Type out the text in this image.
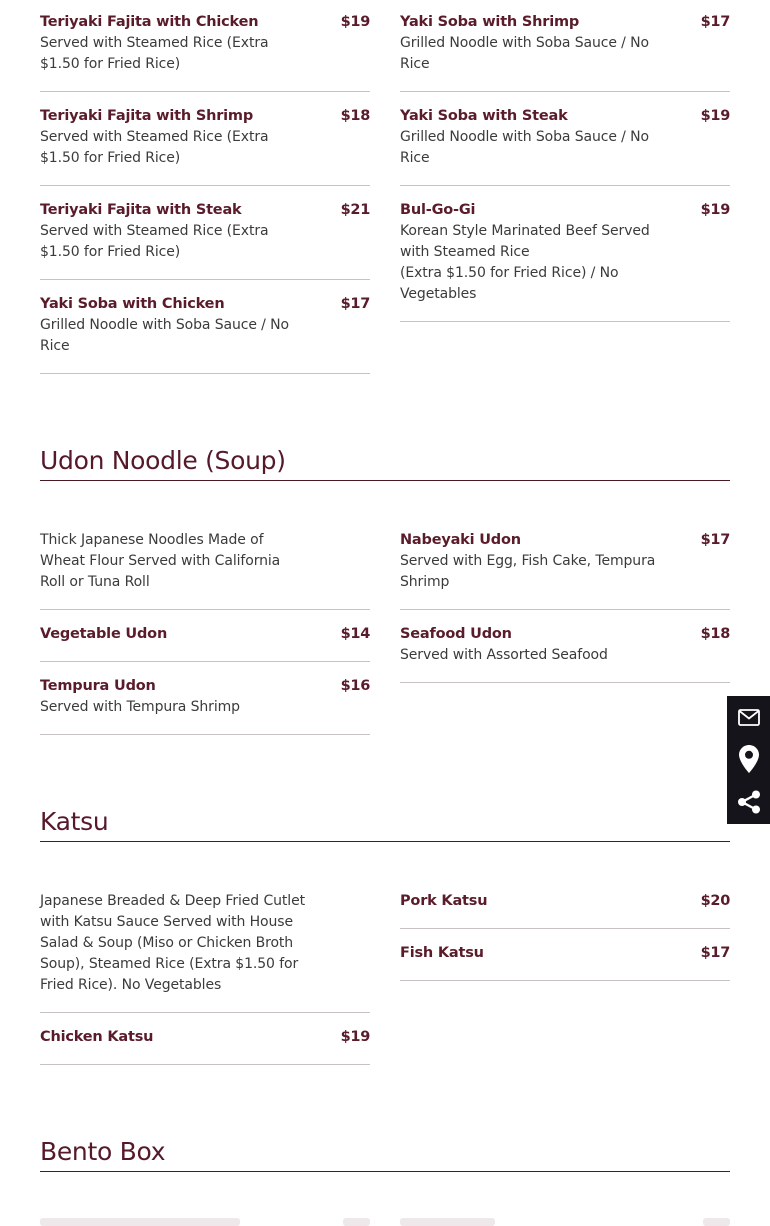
Teriyaki Fajita with Chicken	$19
Served with Steamed Rice (Extra $1.50 for Fried Rice)
Teriyaki Fajita with Shrimp	$18
Served with Steamed Rice (Extra $1.50 for Fried Rice)
Teriyaki Fajita with Steak	$21
Served with Steamed Rice (Extra $1.50 for Fried Rice)
Yaki Soba with Chicken	$17
Grilled Noodle with Soba Sauce / No Rice
Yaki Soba with Shrimp	$17
Grilled Noodle with Soba Sauce / No Rice
Yaki Soba with Steak	$19
Grilled Noodle with Soba Sauce / No Rice
Bul-Go-Gi	$19
Korean Style Marinated Beef Served with Steamed Rice
(Extra $1.50 for Fried Rice) / No Vegetables
Udon Noodle (Soup)
Thick Japanese Noodles Made of Wheat Flour Served with California Roll or Tuna Roll
Vegetable Udon	$14
Tempura Udon	$16
Served with Tempura Shrimp
Nabeyaki Udon	$17
Served with Egg, Fish Cake, Tempura Shrimp
Seafood Udon	$18
Served with Assorted Seafood
Katsu
Japanese Breaded & Deep Fried Cutlet with Katsu Sauce Served with House Salad & Soup (Miso or Chicken Broth Soup), Steamed Rice (Extra $1.50 for Fried Rice). No Vegetables
Chicken Katsu	$19
Pork Katsu	$20
Fish Katsu	$17
Bento Box
